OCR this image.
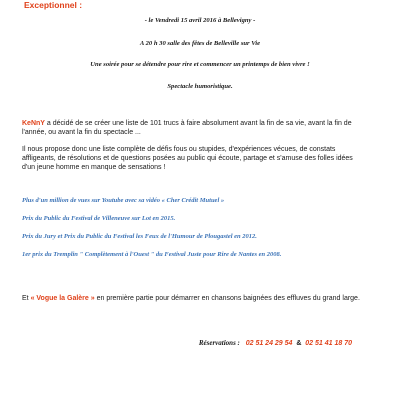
Exceptionnel :
- le Vendredi 15 avril 2016 à Bellevigny -
A 20 h 30 salle des fêtes de Belleville sur Vie
Une soirée pour se détendre pour rire et commencer un printemps de bien vivre !
Spectacle humoristique.
KeNnY a décidé de se créer une liste de 101 trucs à faire absolument avant la fin de sa vie, avant la fin de l'année, ou avant la fin du spectacle ...
Il nous propose donc une liste complète de défis fous ou stupides, d'expériences vécues, de constats affligeants, de résolutions et de questions posées au public qui écoute, partage et s'amuse des folles idées d'un jeune homme en manque de sensations !
Plus d'un million de vues sur Youtube avec sa vidéo « Cher Crédit Mutuel »
Prix du Public du Festival de Villeneuve sur Lot en 2015.
Prix du Jury et Prix du Public du Festival les Feux de l'Humour de Plougastel en 2012.
1er prix du Tremplin " Complètement à l'Ouest " du Festival Juste pour Rire de Nantes en 2008.
Et « Vogue la Galère » en première partie pour démarrer en chansons baignées des effluves du grand large.
Réservations : 02 51 24 29 54 & 02 51 41 18 70
